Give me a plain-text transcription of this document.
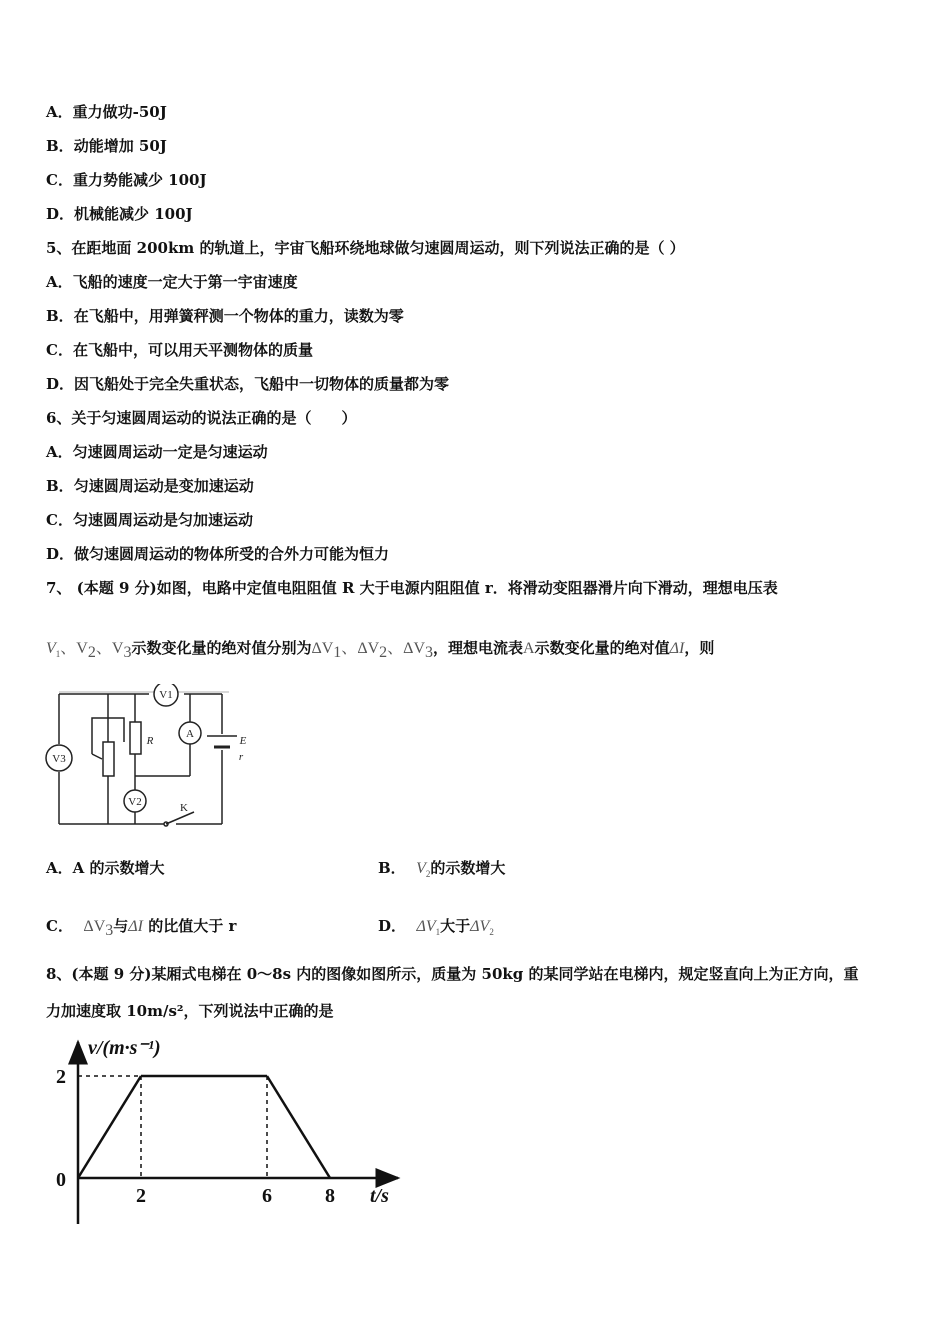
A．重力做功-50J
B．动能增加 50J
C．重力势能减少 100J
D．机械能减少 100J
5、在距地面 200km 的轨道上，宇宙飞船环绕地球做匀速圆周运动，则下列说法正确的是（ ）
A．飞船的速度一定大于第一宇宙速度
B．在飞船中，用弹簧秤测一个物体的重力，读数为零
C．在飞船中，可以用天平测物体的质量
D．因飞船处于完全失重状态，飞船中一切物体的质量都为零
6、关于匀速圆周运动的说法正确的是（　　）
A．匀速圆周运动一定是匀速运动
B．匀速圆周运动是变加速运动
C．匀速圆周运动是匀加速运动
D．做匀速圆周运动的物体所受的合外力可能为恒力
7、 (本题 9 分)如图，电路中定值电阻阻值 R 大于电源内阻阻值 r．将滑动变阻器滑片向下滑动，理想电压表
$V_1$、$V_2$、$V_3$示数变化量的绝对值分别为$\Delta V_1$、$\Delta V_2$、$\Delta V_3$，理想电流表A示数变化量的绝对值ΔI，则
V1
A
V3
V2
R	E
r
K
A．A 的示数增大	B． $V_2$的示数增大
C． $\Delta V_3$与ΔI 的比值大于 r	D． $\Delta V_1$大于$\Delta V_2$
8、(本题 9 分)某厢式电梯在 0～8s 内的图像如图所示，质量为 50kg 的某同学站在电梯内，规定竖直向上为正方向，重
力加速度取 10m/s²，下列说法中正确的是
v/(m·s⁻¹)
t/s
0
2	6	8
2
